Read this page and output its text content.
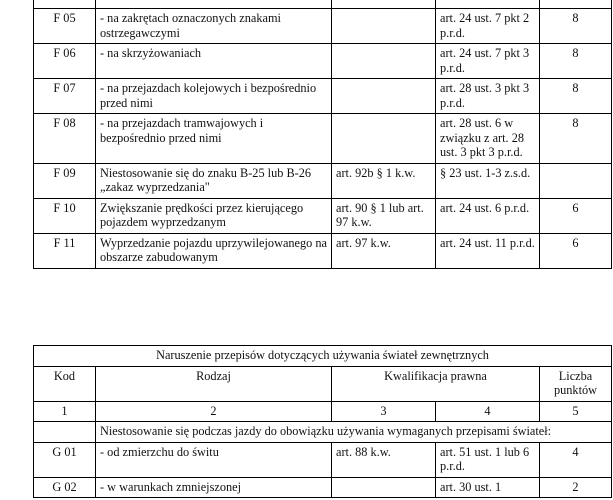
F 05	- na zakrętach oznaczonych znakami ostrzegawczymi		art. 24 ust. 7 pkt 2 p.r.d.	8
F 06	- na skrzyżowaniach		art. 24 ust. 7 pkt 3 p.r.d.	8
F 07	- na przejazdach kolejowych i bezpośrednio przed nimi		art. 28 ust. 3 pkt 3 p.r.d.	8
F 08	- na przejazdach tramwajowych i bezpośrednio przed nimi		art. 28 ust. 6 w związku z art. 28 ust. 3 pkt 3 p.r.d.	8
F 09	Niestosowanie się do znaku B-25 lub B-26 „zakaz wyprzedzania"	art. 92b § 1 k.w.	§ 23 ust. 1-3 z.s.d.	
F 10	Zwiększanie prędkości przez kierującego pojazdem wyprzedzanym	art. 90 § 1 lub art. 97 k.w.	art. 24 ust. 6 p.r.d.	6
F 11	Wyprzedzanie pojazdu uprzywilejowanego na obszarze zabudowanym	art. 97 k.w.	art. 24 ust. 11 p.r.d.	6
Naruszenie przepisów dotyczących używania świateł zewnętrznych				
Kod	Rodzaj	Kwalifikacja prawna		Liczba punktów
1	2	3	4	5
	Niestosowanie się podczas jazdy do obowiązku używania wymaganych przepisami świateł:			
G 01	- od zmierzchu do świtu	art. 88 k.w.	art. 51 ust. 1 lub 6 p.r.d.	4
G 02	- w warunkach zmniejszonej		art. 30 ust. 1	2
